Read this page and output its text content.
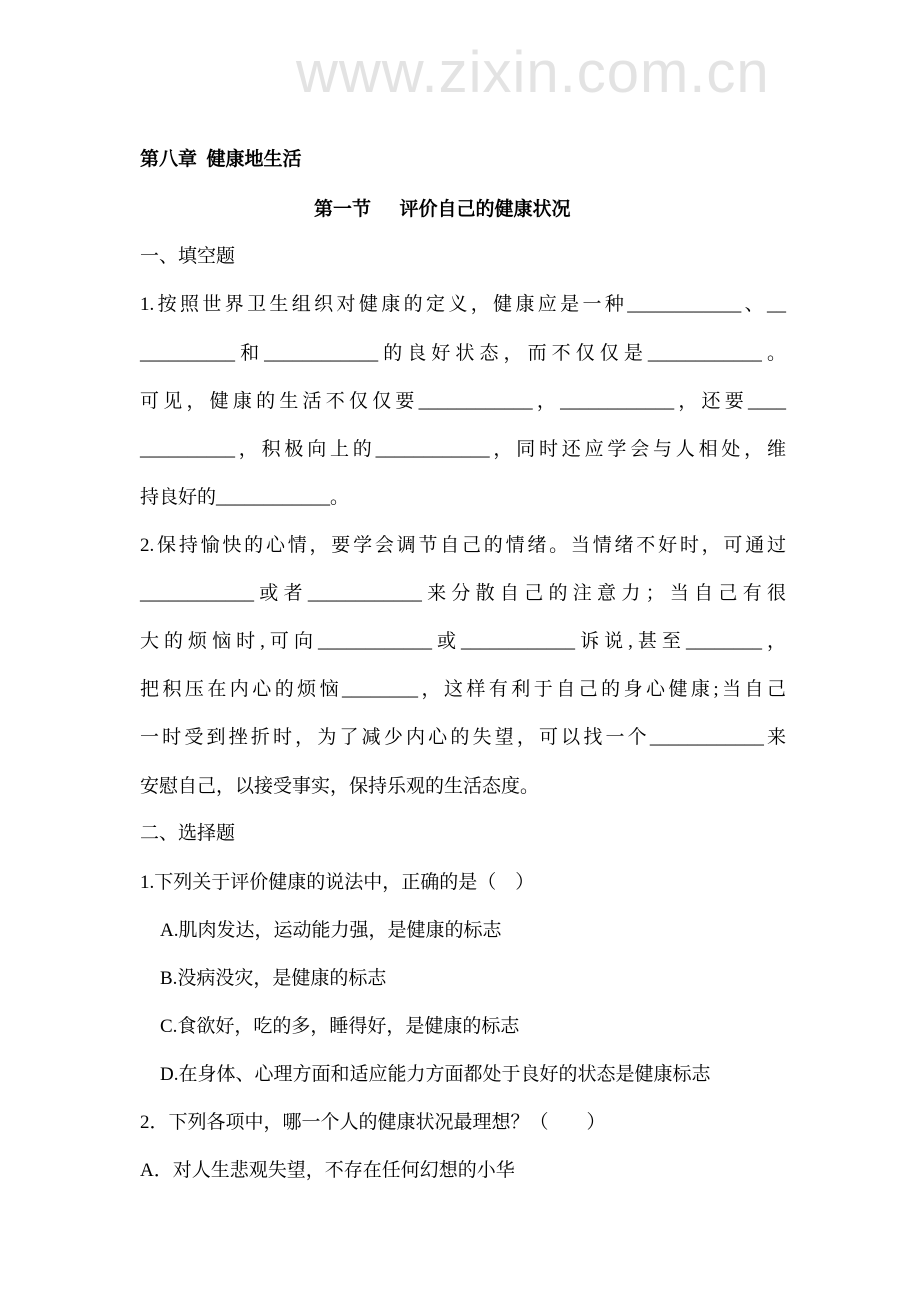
www.zixin.com.cn
第八章  健康地生活
第一节      评价自己的健康状况
一、填空题
1.按照世界卫生组织对健康的定义，健康应是一种____________、__
__________和____________的良好状态，而不仅仅是____________。
可见，健康的生活不仅仅要____________，____________，还要____
__________，积极向上的____________，同时还应学会与人相处，维
持良好的____________。
2.保持愉快的心情，要学会调节自己的情绪。当情绪不好时，可通过
____________或者____________来分散自己的注意力；当自己有很
大的烦恼时,可向____________或____________诉说,甚至________，
把积压在内心的烦恼________，这样有利于自己的身心健康;当自己
一时受到挫折时，为了减少内心的失望，可以找一个____________来
安慰自己，以接受事实，保持乐观的生活态度。
二、选择题
1.下列关于评价健康的说法中，正确的是（    ）
A.肌肉发达，运动能力强，是健康的标志
B.没病没灾，是健康的标志
C.食欲好，吃的多，睡得好，是健康的标志
D.在身体、心理方面和适应能力方面都处于良好的状态是健康标志
2．下列各项中，哪一个人的健康状况最理想？（        ）
A．对人生悲观失望，不存在任何幻想的小华
